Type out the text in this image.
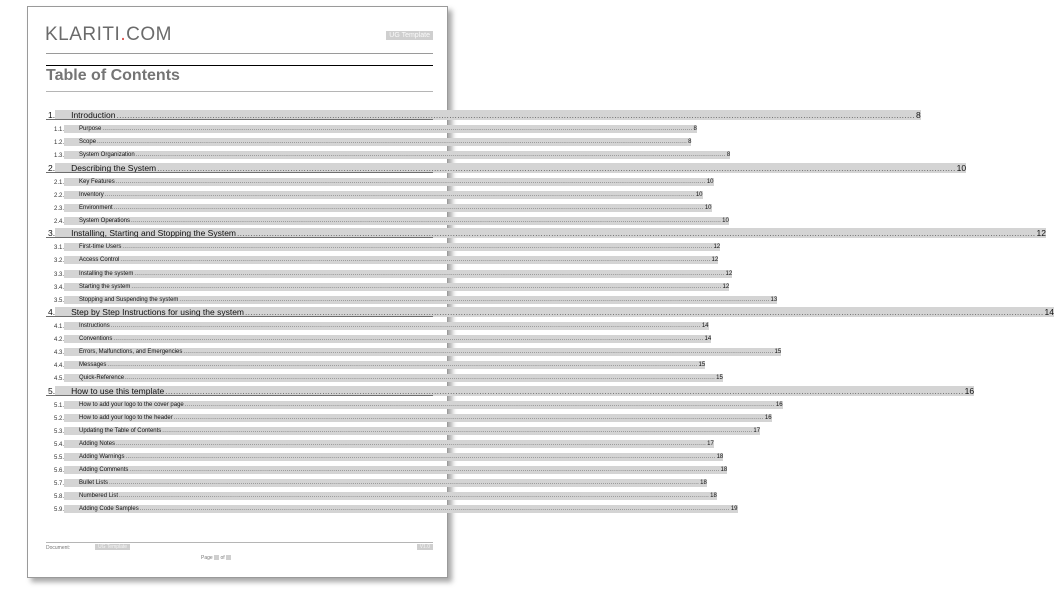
KLARITI.COM	UG Template
Table of Contents
1. Introduction ............................................................................................................................................................................................................................................................................................................ 8
1.1.	Purpose ............................................................................................................................................................................................................................................................................................................ 8
1.2.	Scope ............................................................................................................................................................................................................................................................................................................ 8
1.3.	System Organization ............................................................................................................................................................................................................................................................................................................ 8
2. Describing the System ............................................................................................................................................................................................................................................................................................................ 10
2.1.	Key Features ............................................................................................................................................................................................................................................................................................................ 10
2.2.	Inventory ............................................................................................................................................................................................................................................................................................................ 10
2.3.	Environment ............................................................................................................................................................................................................................................................................................................ 10
2.4.	System Operations ............................................................................................................................................................................................................................................................................................................ 10
3. Installing, Starting and Stopping the System ............................................................................................................................................................................................................................................................................................................ 12
3.1.	First-time Users ............................................................................................................................................................................................................................................................................................................ 12
3.2.	Access Control ............................................................................................................................................................................................................................................................................................................ 12
3.3.	Installing the system ............................................................................................................................................................................................................................................................................................................ 12
3.4.	Starting the system ............................................................................................................................................................................................................................................................................................................ 12
3.5.	Stopping and Suspending the system ............................................................................................................................................................................................................................................................................................................ 13
4. Step by Step Instructions for using the system ............................................................................................................................................................................................................................................................................................................ 14
4.1.	Instructions ............................................................................................................................................................................................................................................................................................................ 14
4.2.	Conventions ............................................................................................................................................................................................................................................................................................................ 14
4.3.	Errors, Malfunctions, and Emergencies ............................................................................................................................................................................................................................................................................................................ 15
4.4.	Messages ............................................................................................................................................................................................................................................................................................................ 15
4.5.	Quick-Reference ............................................................................................................................................................................................................................................................................................................ 15
5. How to use this template ............................................................................................................................................................................................................................................................................................................ 16
5.1.	How to add your logo to the cover page ............................................................................................................................................................................................................................................................................................................ 16
5.2.	How to add your logo to the header ............................................................................................................................................................................................................................................................................................................ 16
5.3.	Updating the Table of Contents ............................................................................................................................................................................................................................................................................................................ 17
5.4.	Adding Notes ............................................................................................................................................................................................................................................................................................................ 17
5.5.	Adding Warnings ............................................................................................................................................................................................................................................................................................................ 18
5.6.	Adding Comments ............................................................................................................................................................................................................................................................................................................ 18
5.7.	Bullet Lists ............................................................................................................................................................................................................................................................................................................ 18
5.8.	Numbered List ............................................................................................................................................................................................................................................................................................................ 18
5.9.	Adding Code Samples ............................................................................................................................................................................................................................................................................................................ 19
Document:	UG Template	V1.0
Page of
